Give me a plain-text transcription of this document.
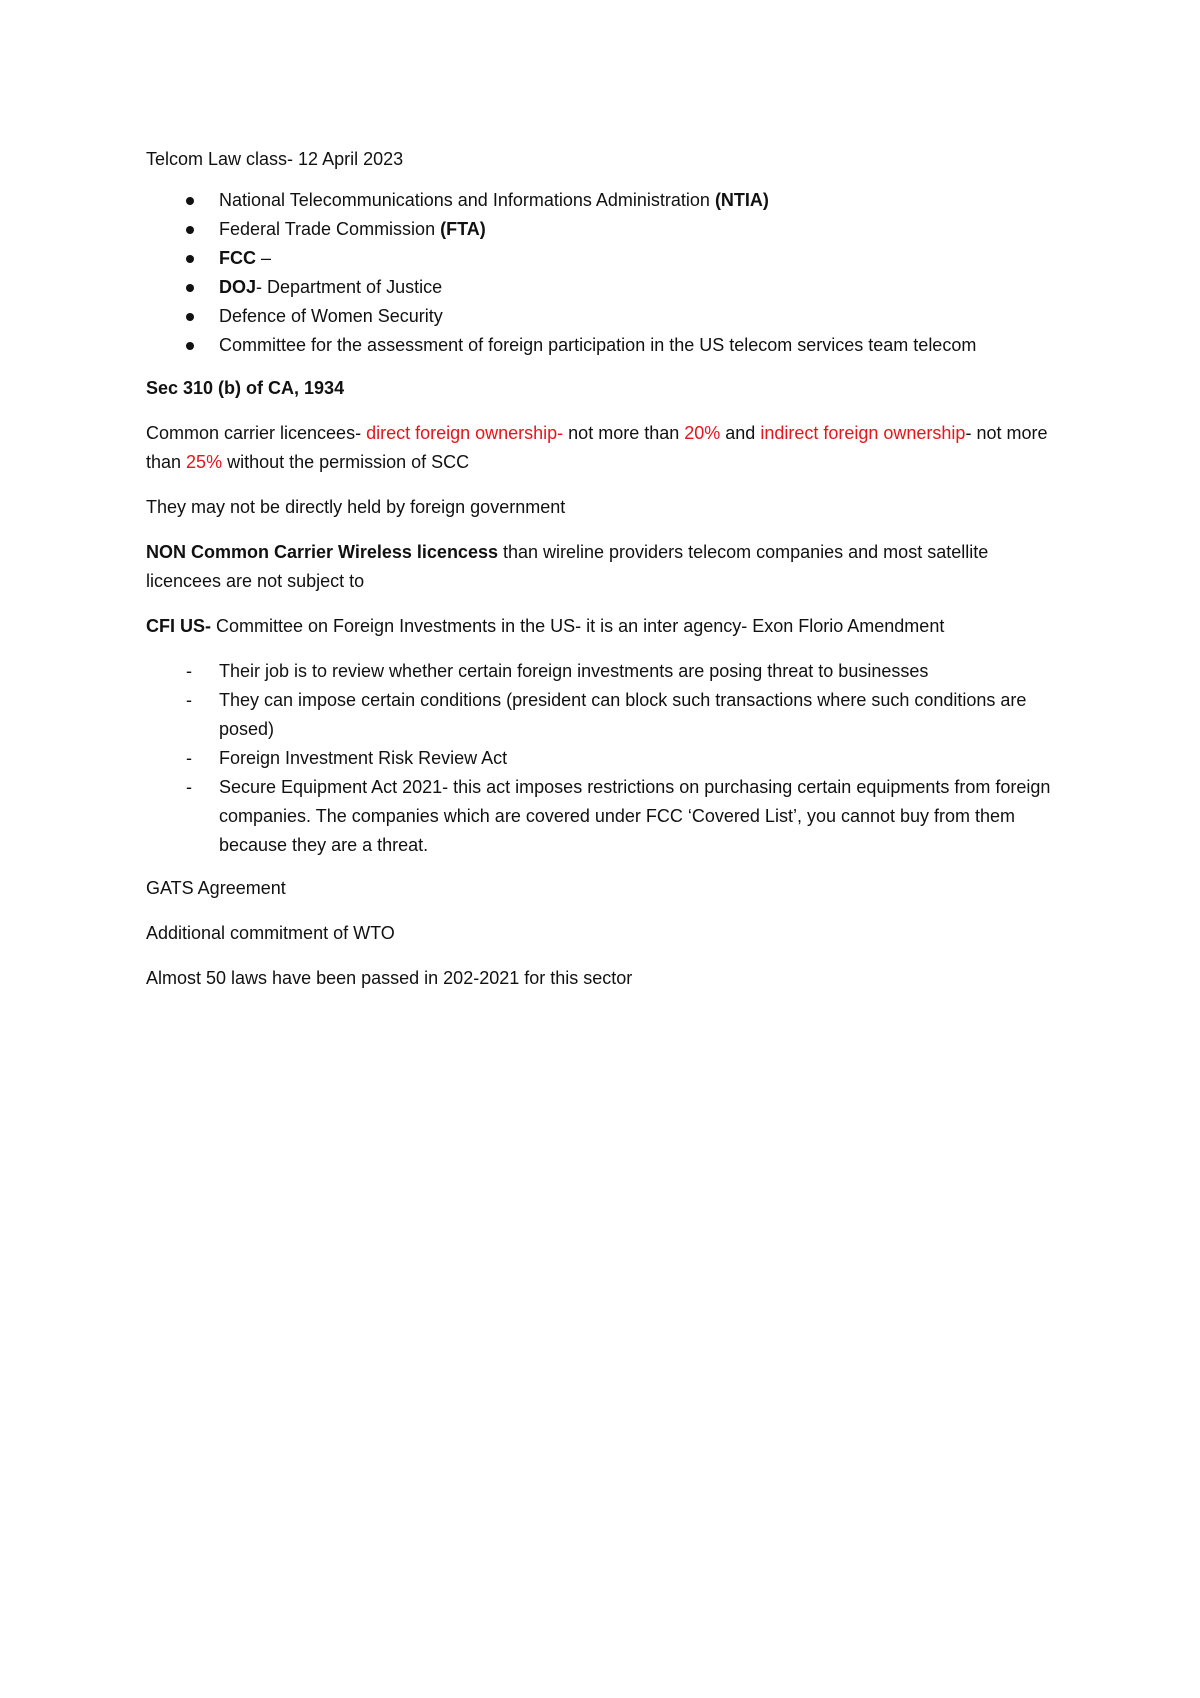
Telcom Law class- 12 April 2023

National Telecommunications and Informations Administration (NTIA)
Federal Trade Commission (FTA)
FCC –
DOJ- Department of Justice
Defence of Women Security
Committee for the assessment of foreign participation in the US telecom services team telecom

Sec 310 (b) of CA, 1934

Common carrier licencees- direct foreign ownership- not more than 20% and indirect foreign ownership- not more than 25% without the permission of SCC

They may not be directly held by foreign government

NON Common Carrier Wireless licencess than wireline providers telecom companies and most satellite licencees are not subject to

CFI US- Committee on Foreign Investments in the US- it is an inter agency- Exon Florio Amendment

- Their job is to review whether certain foreign investments are posing threat to businesses
- They can impose certain conditions (president can block such transactions where such conditions are posed)
- Foreign Investment Risk Review Act
- Secure Equipment Act 2021- this act imposes restrictions on purchasing certain equipments from foreign companies. The companies which are covered under FCC ‘Covered List’, you cannot buy from them because they are a threat.

GATS Agreement

Additional commitment of WTO

Almost 50 laws have been passed in 202-2021 for this sector
